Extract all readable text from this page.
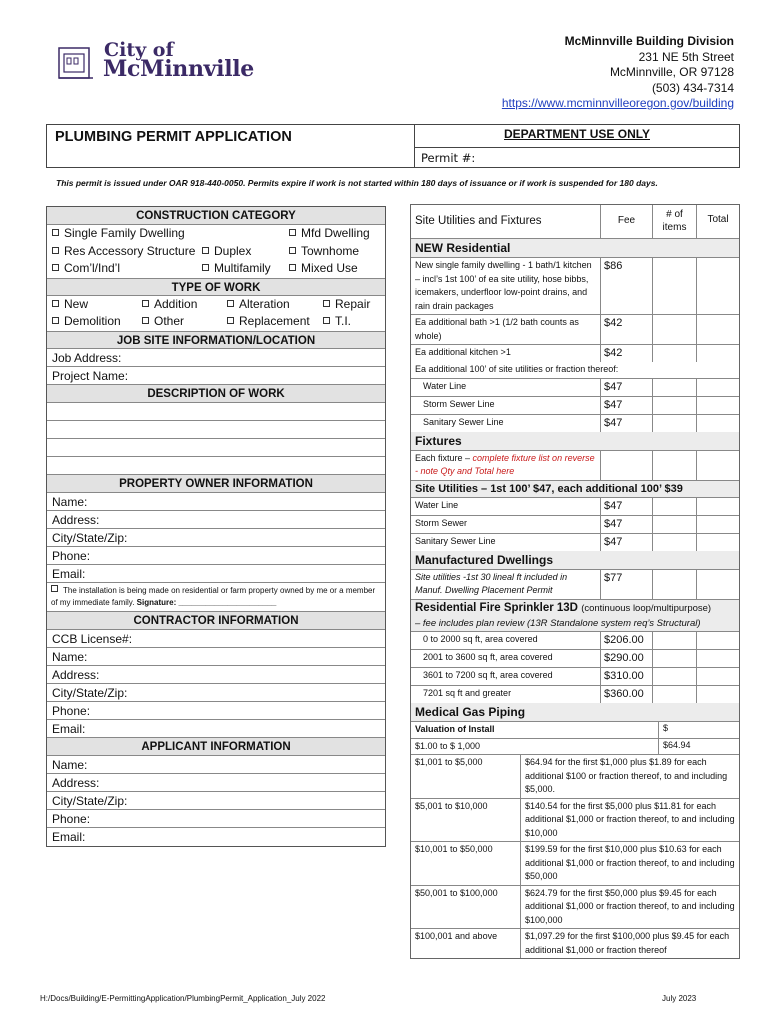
City of
McMinnville
McMinnville Building Division
231 NE 5th Street
McMinnville, OR 97128
(503) 434-7314
https://www.mcminnvilleoregon.gov/building
PLUMBING PERMIT APPLICATION	DEPARTMENT USE ONLY
Permit #:
This permit is issued under OAR 918-440-0050. Permits expire if work is not started within 180 days of issuance or if work is suspended for 180 days.
CONSTRUCTION CATEGORY
Single Family Dwelling	Mfd Dwelling
Res Accessory Structure	Duplex	Townhome
Com’l/Ind’l	Multifamily	Mixed Use
TYPE OF WORK
New	Addition	Alteration	Repair
Demolition	Other	Replacement	T.I.
JOB SITE INFORMATION/LOCATION
Job Address:
Project Name:
DESCRIPTION OF WORK
PROPERTY OWNER INFORMATION
Name:
Address:
City/State/Zip:
Phone:
Email:
The installation is being made on residential or farm property owned by me or a member of my immediate family. Signature: ______________________
CONTRACTOR INFORMATION
CCB License#:
Name:
Address:
City/State/Zip:
Phone:
Email:
APPLICANT INFORMATION
Name:
Address:
City/State/Zip:
Phone:
Email:
Site Utilities and Fixtures	Fee
# of items
Total
NEW Residential
New single family dwelling - 1 bath/1 kitchen – incl’s 1st 100’ of ea site utility, hose bibbs, icemakers, underfloor low-point drains, and rain drain packages
$86
Ea additional bath >1 (1/2 bath counts as whole)
$42
Ea additional kitchen >1	$42
Ea additional 100’ of site utilities or fraction thereof:
Water Line	$47
Storm Sewer Line	$47
Sanitary Sewer Line	$47
Fixtures
Each fixture – complete fixture list on reverse - note Qty and Total here
Site Utilities – 1st 100’ $47, each additional 100’ $39
Water Line	$47
Storm Sewer	$47
Sanitary Sewer Line	$47
Manufactured Dwellings
Site utilities -1st 30 lineal ft included in Manuf. Dwelling Placement Permit
$77
Residential Fire Sprinkler 13D (continuous loop/multipurpose)
– fee includes plan review (13R Standalone system req’s Structural)
0 to 2000 sq ft, area covered	$206.00
2001 to 3600 sq ft, area covered	$290.00
3601 to 7200 sq ft, area covered	$310.00
7201 sq ft and greater	$360.00
Medical Gas Piping
Valuation of Install	$
$1.00 to $ 1,000	$64.94
$1,001 to $5,000	$64.94 for the first $1,000 plus $1.89 for each additional $100 or fraction thereof, to and including $5,000.
$5,001 to $10,000	$140.54 for the first $5,000 plus $11.81 for each additional $1,000 or fraction thereof, to and including $10,000
$10,001 to $50,000	$199.59 for the first $10,000 plus $10.63 for each additional $1,000 or fraction thereof, to and including $50,000
$50,001 to $100,000	$624.79 for the first $50,000 plus $9.45 for each additional $1,000 or fraction thereof, to and including $100,000
$100,001 and above	$1,097.29 for the first $100,000 plus $9.45 for each additional $1,000 or fraction thereof
H:/Docs/Building/E-PermittingApplication/PlumbingPermit_Application_July 2022	July 2023
